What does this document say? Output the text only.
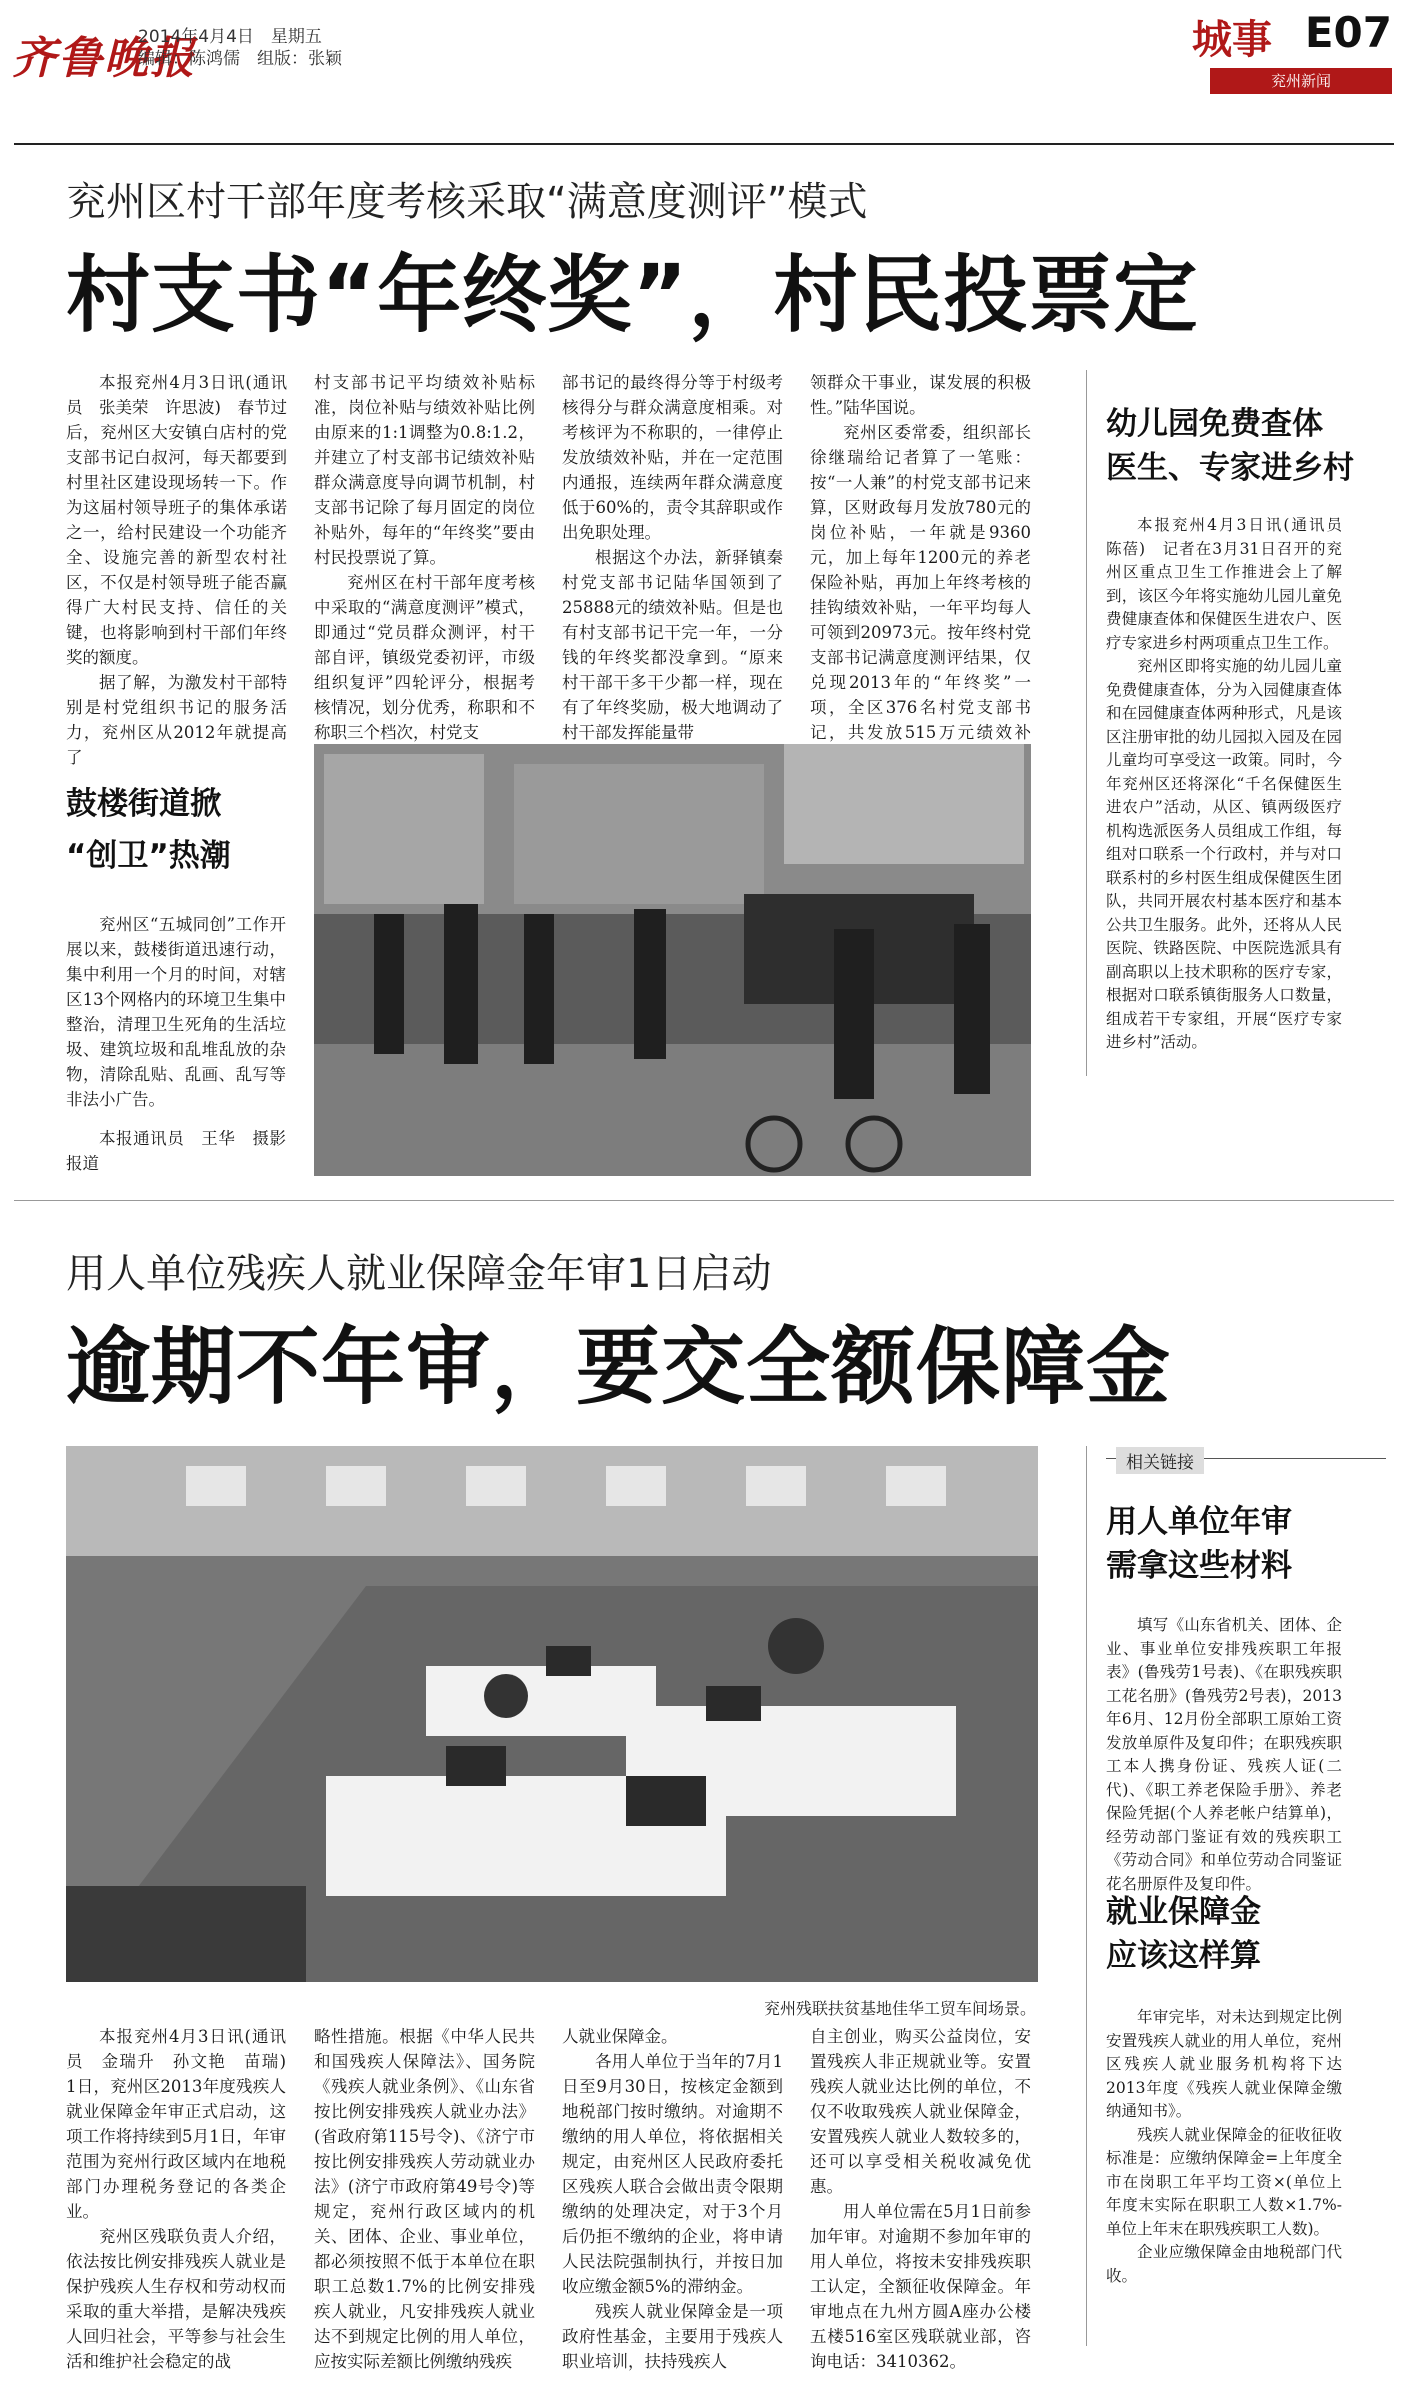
齐鲁晚报
2014年4月4日　星期五
编辑：陈鸿儒　组版：张颖	城事 E07
兖州新闻
兖州区村干部年度考核采取“满意度测评”模式
村支书“年终奖”，村民投票定

本报兖州4月3日讯(通讯员　张美荣　许思波)　春节过后，兖州区大安镇白店村的党支部书记白叔河，每天都要到村里社区建设现场转一下。作为这届村领导班子的集体承诺之一，给村民建设一个功能齐全、设施完善的新型农村社区，不仅是村领导班子能否赢得广大村民支持、信任的关键，也将影响到村干部们年终奖的额度。

据了解，为激发村干部特别是村党组织书记的服务活力，兖州区从2012年就提高了

村支部书记平均绩效补贴标准，岗位补贴与绩效补贴比例由原来的1:1调整为0.8:1.2，并建立了村支部书记绩效补贴群众满意度导向调节机制，村支部书记除了每月固定的岗位补贴外，每年的“年终奖”要由村民投票说了算。

兖州区在村干部年度考核中采取的“满意度测评”模式，即通过“党员群众测评，村干部自评，镇级党委初评，市级组织复评”四轮评分，根据考核情况，划分优秀，称职和不称职三个档次，村党支

部书记的最终得分等于村级考核得分与群众满意度相乘。对考核评为不称职的，一律停止发放绩效补贴，并在一定范围内通报，连续两年群众满意度低于60%的，责令其辞职或作出免职处理。

根据这个办法，新驿镇秦村党支部书记陆华国领到了25888元的绩效补贴。但是也有村支部书记干完一年，一分钱的年终奖都没拿到。“原来村干部干多干少都一样，现在有了年终奖励，极大地调动了村干部发挥能量带

领群众干事业，谋发展的积极性。”陆华国说。

兖州区委常委，组织部长徐继瑞给记者算了一笔账：按“一人兼”的村党支部书记来算，区财政每月发放780元的岗位补贴，一年就是9360元，加上每年1200元的养老保险补贴，再加上年终考核的挂钩绩效补贴，一年平均每人可领到20973元。按年终村党支部书记满意度测评结果，仅兑现2013年的“年终奖”一项，全区376名村党支部书记，共发放515万元绩效补

鼓楼街道掀
“创卫”热潮

兖州区“五城同创”工作开展以来，鼓楼街道迅速行动，集中利用一个月的时间，对辖区13个网格内的环境卫生集中整治，清理卫生死角的生活垃圾、建筑垃圾和乱堆乱放的杂物，清除乱贴、乱画、乱写等非法小广告。

本报通讯员　王华　摄影报道

幼儿园免费查体
医生、专家进乡村

本报兖州4月3日讯(通讯员　陈蓓)　记者在3月31日召开的兖州区重点卫生工作推进会上了解到，该区今年将实施幼儿园儿童免费健康查体和保健医生进农户、医疗专家进乡村两项重点卫生工作。

兖州区即将实施的幼儿园儿童免费健康查体，分为入园健康查体和在园健康查体两种形式，凡是该区注册审批的幼儿园拟入园及在园儿童均可享受这一政策。同时，今年兖州区还将深化“千名保健医生进农户”活动，从区、镇两级医疗机构选派医务人员组成工作组，每组对口联系一个行政村，并与对口联系村的乡村医生组成保健医生团队，共同开展农村基本医疗和基本公共卫生服务。此外，还将从人民医院、铁路医院、中医院选派具有副高职以上技术职称的医疗专家，根据对口联系镇街服务人口数量，组成若干专家组，开展“医疗专家进乡村”活动。

用人单位残疾人就业保障金年审1日启动
逾期不年审，要交全额保障金
兖州残联扶贫基地佳华工贸车间场景。

本报兖州4月3日讯(通讯员　金瑞升　孙文艳　苗瑞)　1日，兖州区2013年度残疾人就业保障金年审正式启动，这项工作将持续到5月1日，年审范围为兖州行政区域内在地税部门办理税务登记的各类企业。

兖州区残联负责人介绍，依法按比例安排残疾人就业是保护残疾人生存权和劳动权而采取的重大举措，是解决残疾人回归社会，平等参与社会生活和维护社会稳定的战

略性措施。根据《中华人民共和国残疾人保障法》、国务院《残疾人就业条例》、《山东省按比例安排残疾人就业办法》(省政府第115号令)、《济宁市按比例安排残疾人劳动就业办法》(济宁市政府第49号令)等规定，兖州行政区域内的机关、团体、企业、事业单位，都必须按照不低于本单位在职职工总数1.7%的比例安排残疾人就业，凡安排残疾人就业达不到规定比例的用人单位，应按实际差额比例缴纳残疾

人就业保障金。

各用人单位于当年的7月1日至9月30日，按核定金额到地税部门按时缴纳。对逾期不缴纳的用人单位，将依据相关规定，由兖州区人民政府委托区残疾人联合会做出责令限期缴纳的处理决定，对于3个月后仍拒不缴纳的企业，将申请人民法院强制执行，并按日加收应缴金额5%的滞纳金。

残疾人就业保障金是一项政府性基金，主要用于残疾人职业培训，扶持残疾人

自主创业，购买公益岗位，安置残疾人非正规就业等。安置残疾人就业达比例的单位，不仅不收取残疾人就业保障金，安置残疾人就业人数较多的，还可以享受相关税收减免优惠。

用人单位需在5月1日前参加年审。对逾期不参加年审的用人单位，将按未安排残疾职工认定，全额征收保障金。年审地点在九州方圆A座办公楼五楼516室区残联就业部，咨询电话：3410362。

相关链接
用人单位年审
需拿这些材料

填写《山东省机关、团体、企业、事业单位安排残疾职工年报表》(鲁残劳1号表)、《在职残疾职工花名册》(鲁残劳2号表)，2013年6月、12月份全部职工原始工资发放单原件及复印件；在职残疾职工本人携身份证、残疾人证(二代)、《职工养老保险手册》、养老保险凭据(个人养老帐户结算单)，经劳动部门鉴证有效的残疾职工《劳动合同》和单位劳动合同鉴证花名册原件及复印件。

就业保障金
应该这样算

年审完毕，对未达到规定比例安置残疾人就业的用人单位，兖州区残疾人就业服务机构将下达2013年度《残疾人就业保障金缴纳通知书》。

残疾人就业保障金的征收征收标准是：应缴纳保障金=上年度全市在岗职工年平均工资×(单位上年度末实际在职职工人数×1.7%-单位上年末在职残疾职工人数)。

企业应缴保障金由地税部门代收。
